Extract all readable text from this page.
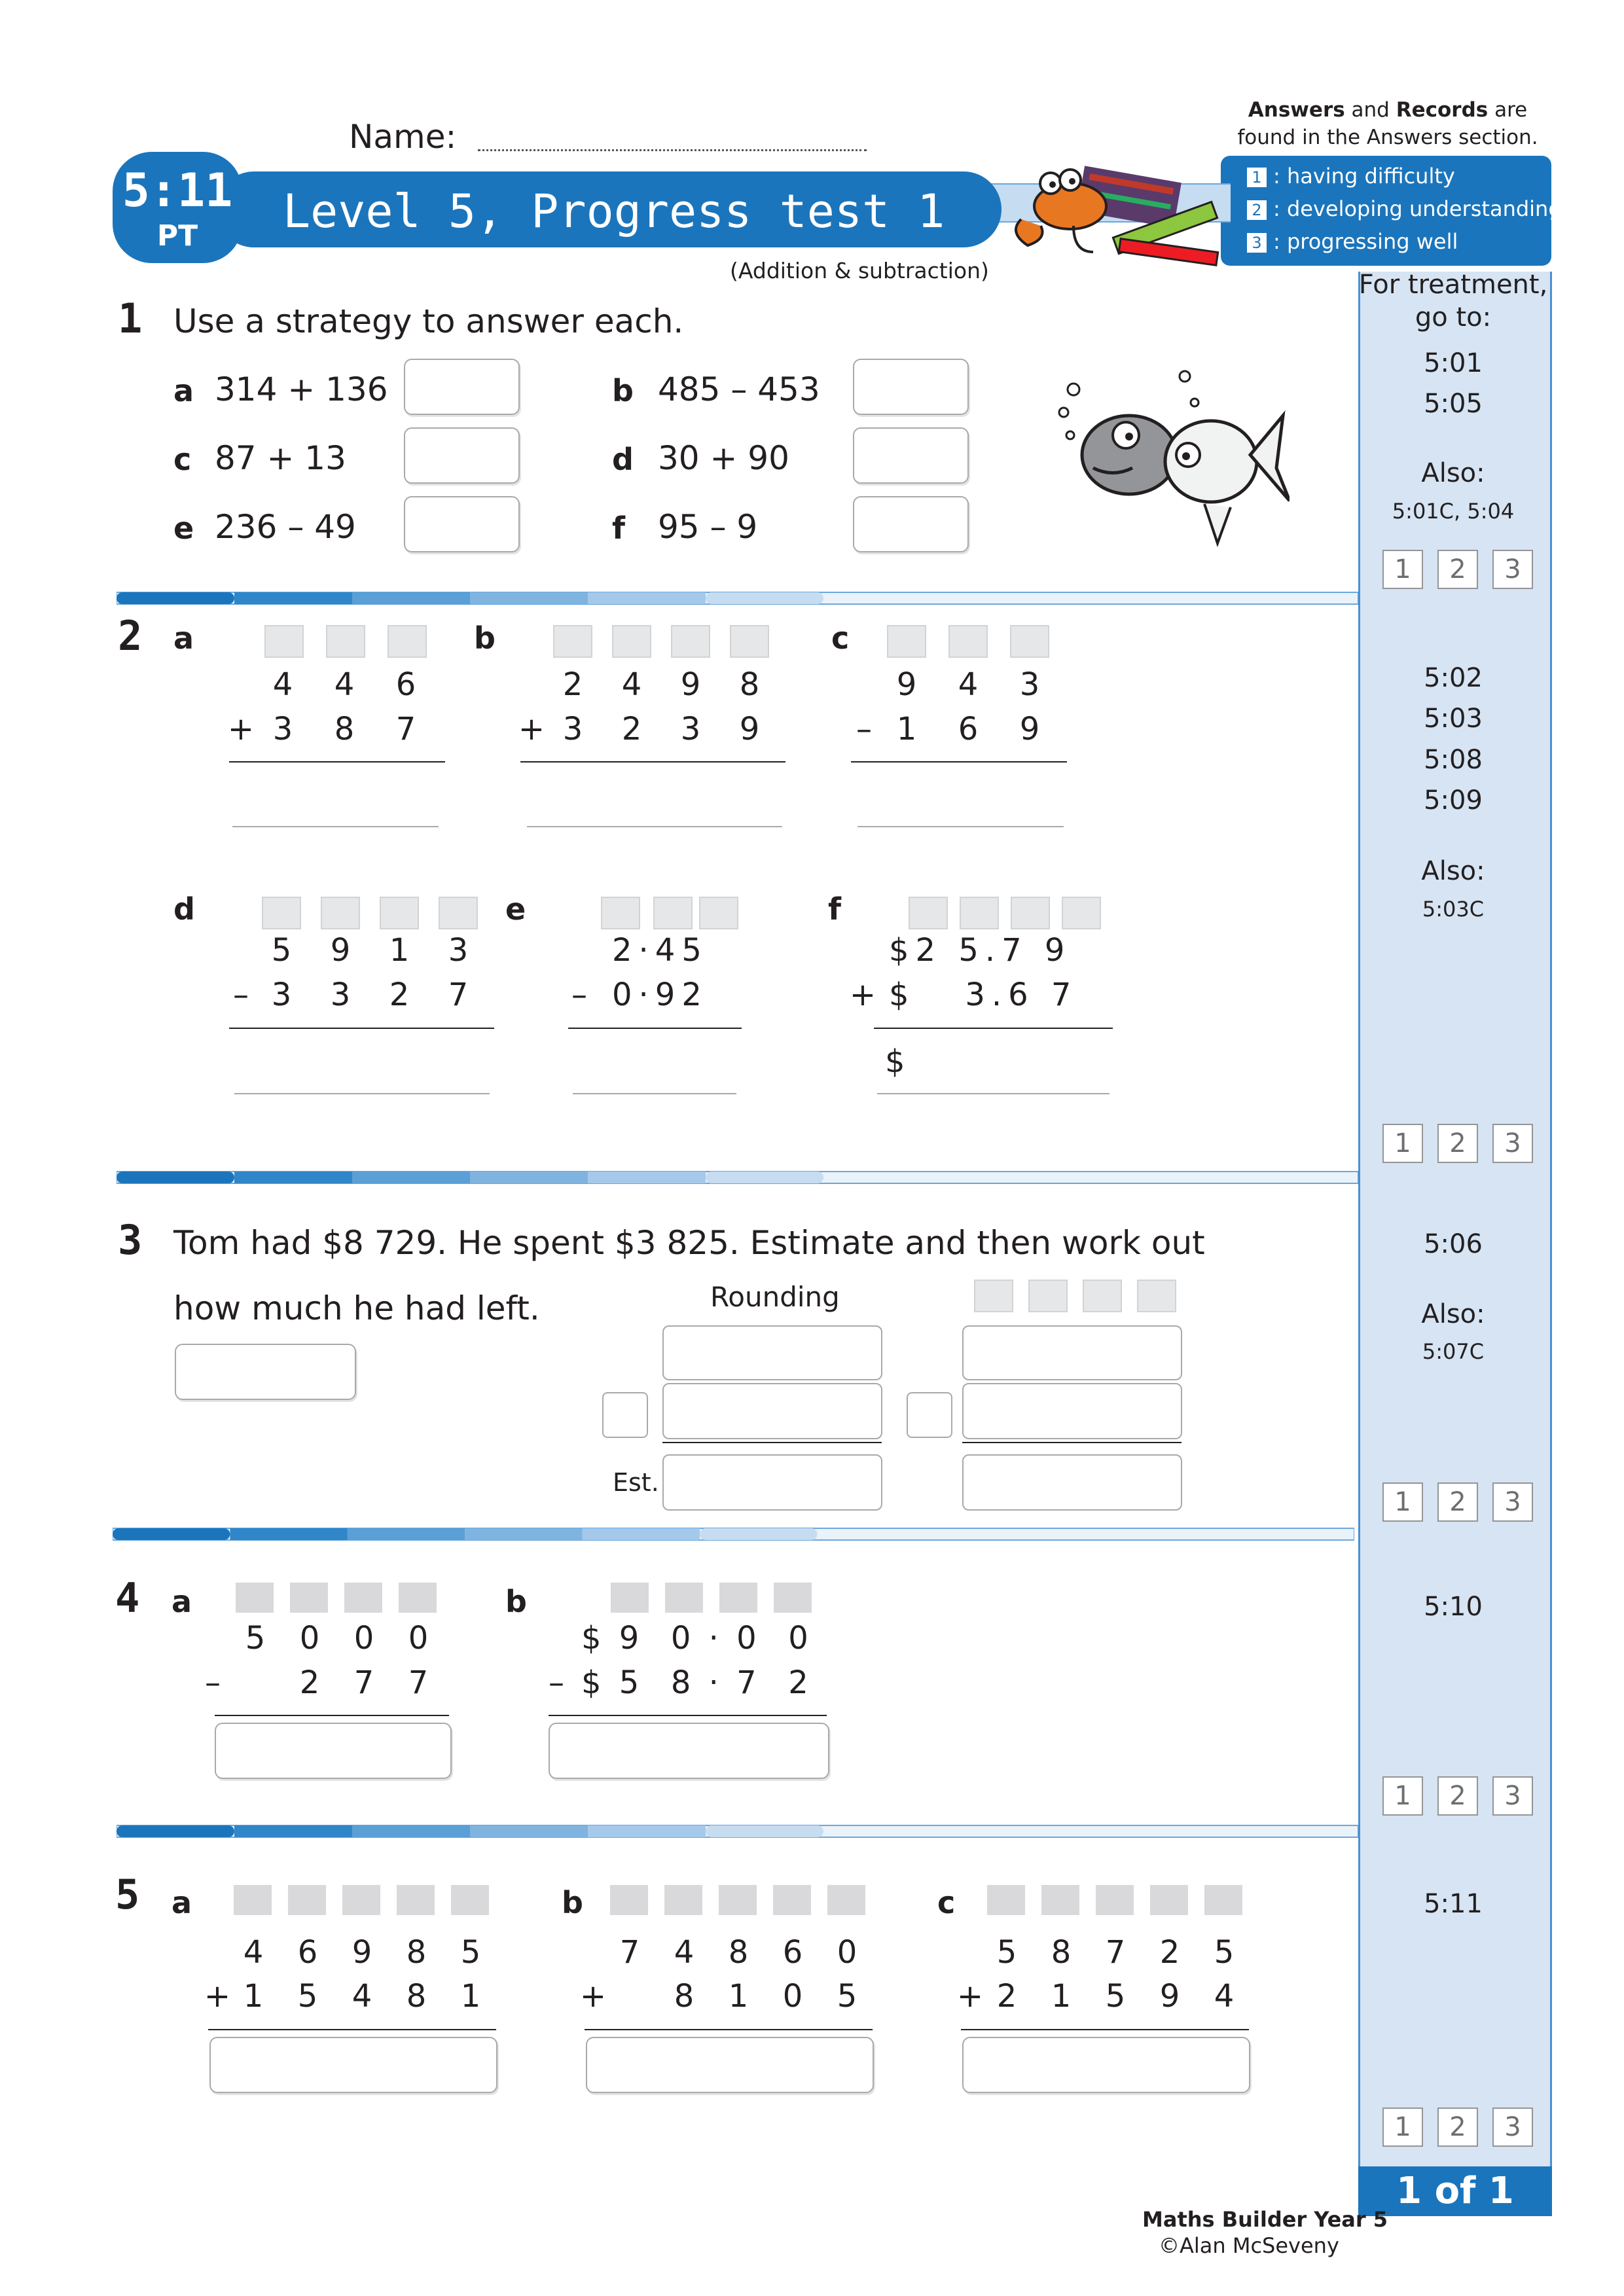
For treatment,
go to:
5:01
5:05
Also:
5:01C, 5:04
1	2	3
5:02
5:03
5:08
5:09
Also:
5:03C
1	2	3
5:06
Also:
5:07C
1	2	3
5:10
1	2	3
5:11
1	2	3
1 of 1
Name:
Answers and Records are
found in the Answers section.
1 : having difficulty
2 : developing understanding
3 : progressing well
5:11
PT	Level 5, Progress test 1
(Addition & subtraction)
1 Use a strategy to answer each.
a 314 + 136	b 485 – 453
c 87 + 13	d 30 + 90
e 236 – 49	f 95 – 9
2 a
4	4	6
+ 3	8	7
b
2	4	9	8
+ 3	2	3	9
c
9	4	3
– 1	6	9
d
5	9	1	3
– 3	3	2	7
e
2·45
– 0·92
f
$2 5.7 9
+ $   3.6 7
$
3 Tom had $8 729. He spent $3 825. Estimate and then work out
how much he had left.	Rounding
Est.
4 a
5	0	0	0
–	2	7	7
b
$ 9  0 · 0  0
– $ 5  8 · 7  2
5 a
4	6	9	8	5
+ 1	5	4	8	1
b
7	4	8	6	0
+	8	1	0	5
c
5	8	7	2	5
+ 2	1	5	9	4
Maths Builder Year 5
©Alan McSeveny
